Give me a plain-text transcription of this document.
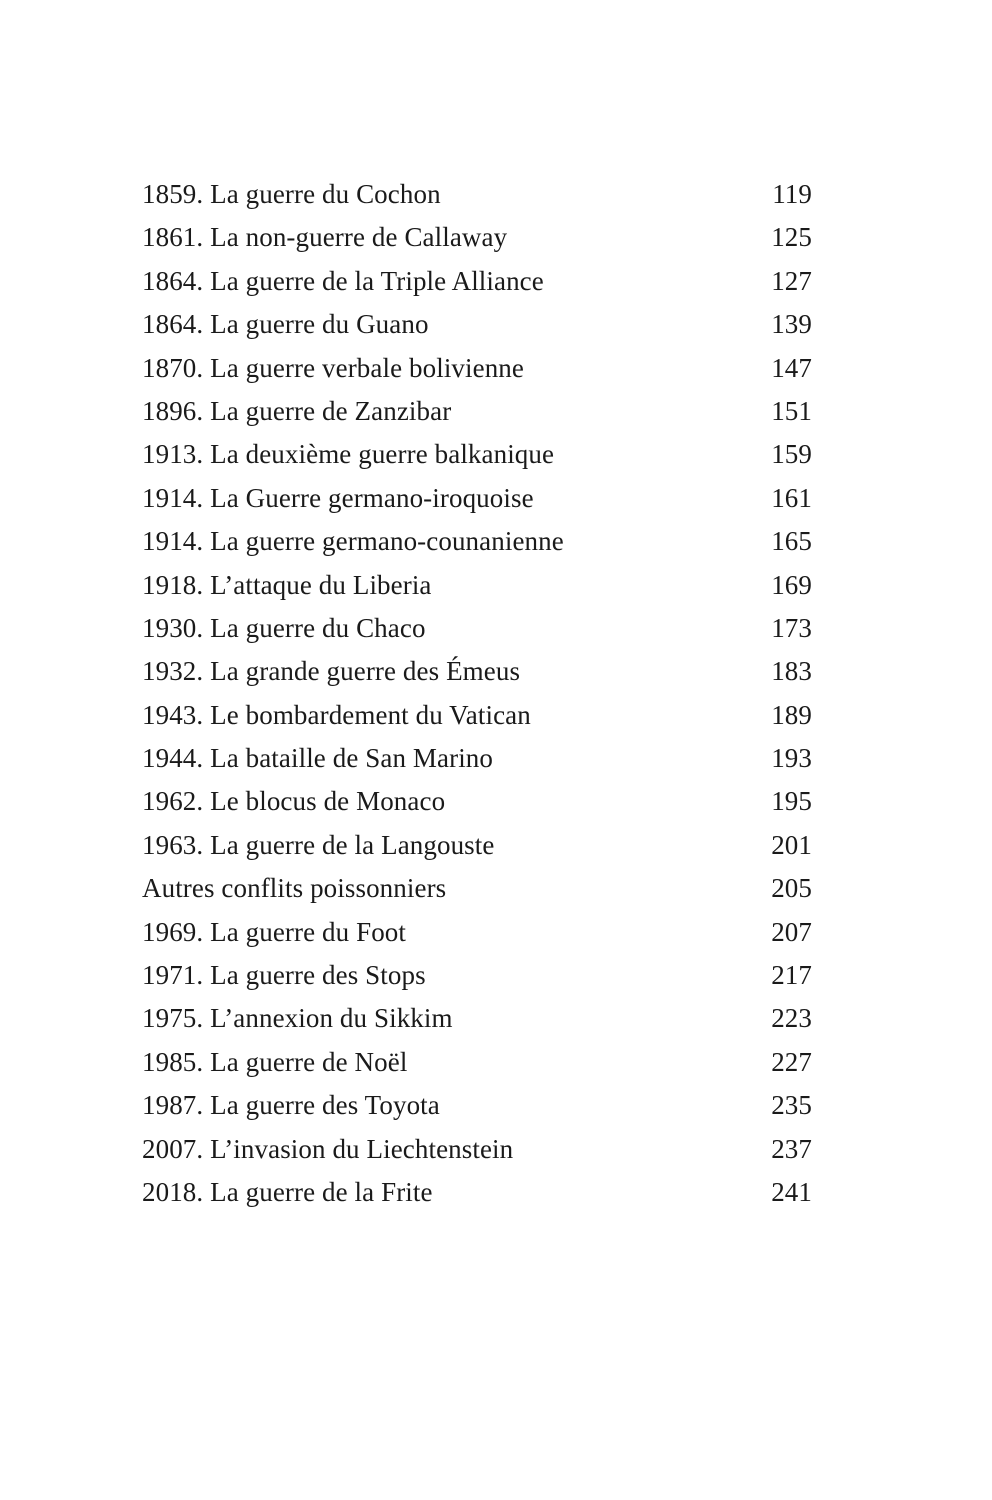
1859. La guerre du Cochon	119
1861. La non-guerre de Callaway	125
1864. La guerre de la Triple Alliance	127
1864. La guerre du Guano	139
1870. La guerre verbale bolivienne	147
1896. La guerre de Zanzibar	151
1913. La deuxième guerre balkanique	159
1914. La Guerre germano-iroquoise	161
1914. La guerre germano-counanienne	165
1918. L’attaque du Liberia	169
1930. La guerre du Chaco	173
1932. La grande guerre des Émeus	183
1943. Le bombardement du Vatican	189
1944. La bataille de San Marino	193
1962. Le blocus de Monaco	195
1963. La guerre de la Langouste	201
Autres conflits poissonniers	205
1969. La guerre du Foot	207
1971. La guerre des Stops	217
1975. L’annexion du Sikkim	223
1985. La guerre de Noël	227
1987. La guerre des Toyota	235
2007. L’invasion du Liechtenstein	237
2018. La guerre de la Frite	241
